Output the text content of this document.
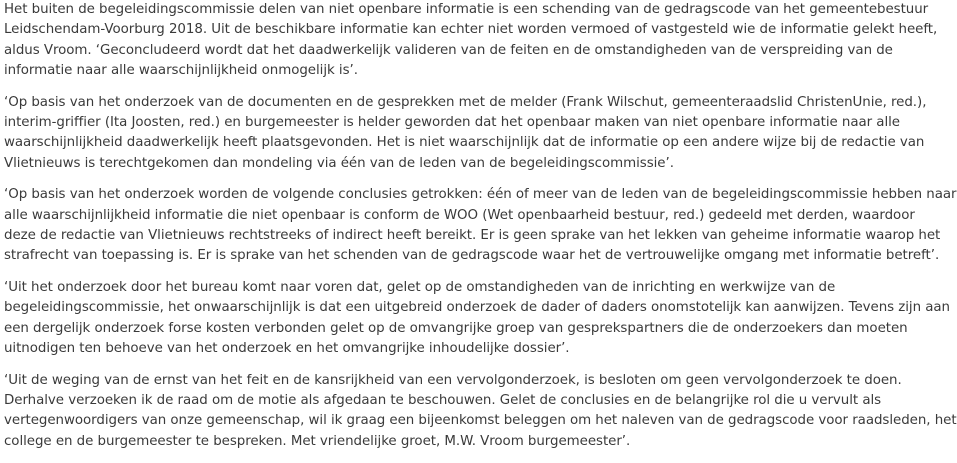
Het buiten de begeleidingscommissie delen van niet openbare informatie is een schending van de gedragscode van het gemeentebestuur
Leidschendam-Voorburg 2018. Uit de beschikbare informatie kan echter niet worden vermoed of vastgesteld wie de informatie gelekt heeft,
aldus Vroom. ‘Geconcludeerd wordt dat het daadwerkelijk valideren van de feiten en de omstandigheden van de verspreiding van de
informatie naar alle waarschijnlijkheid onmogelijk is’.

‘Op basis van het onderzoek van de documenten en de gesprekken met de melder (Frank Wilschut, gemeenteraadslid ChristenUnie, red.),
interim-griffier (Ita Joosten, red.) en burgemeester is helder geworden dat het openbaar maken van niet openbare informatie naar alle
waarschijnlijkheid daadwerkelijk heeft plaatsgevonden. Het is niet waarschijnlijk dat de informatie op een andere wijze bij de redactie van
Vlietnieuws is terechtgekomen dan mondeling via één van de leden van de begeleidingscommissie’.

‘Op basis van het onderzoek worden de volgende conclusies getrokken: één of meer van de leden van de begeleidingscommissie hebben naar
alle waarschijnlijkheid informatie die niet openbaar is conform de WOO (Wet openbaarheid bestuur, red.) gedeeld met derden, waardoor
deze de redactie van Vlietnieuws rechtstreeks of indirect heeft bereikt. Er is geen sprake van het lekken van geheime informatie waarop het
strafrecht van toepassing is. Er is sprake van het schenden van de gedragscode waar het de vertrouwelijke omgang met informatie betreft’.

‘Uit het onderzoek door het bureau komt naar voren dat, gelet op de omstandigheden van de inrichting en werkwijze van de
begeleidingscommissie, het onwaarschijnlijk is dat een uitgebreid onderzoek de dader of daders onomstotelijk kan aanwijzen. Tevens zijn aan
een dergelijk onderzoek forse kosten verbonden gelet op de omvangrijke groep van gesprekspartners die de onderzoekers dan moeten
uitnodigen ten behoeve van het onderzoek en het omvangrijke inhoudelijke dossier’.

‘Uit de weging van de ernst van het feit en de kansrijkheid van een vervolgonderzoek, is besloten om geen vervolgonderzoek te doen.
Derhalve verzoeken ik de raad om de motie als afgedaan te beschouwen. Gelet de conclusies en de belangrijke rol die u vervult als
vertegenwoordigers van onze gemeenschap, wil ik graag een bijeenkomst beleggen om het naleven van de gedragscode voor raadsleden, het
college en de burgemeester te bespreken. Met vriendelijke groet, M.W. Vroom burgemeester’.
